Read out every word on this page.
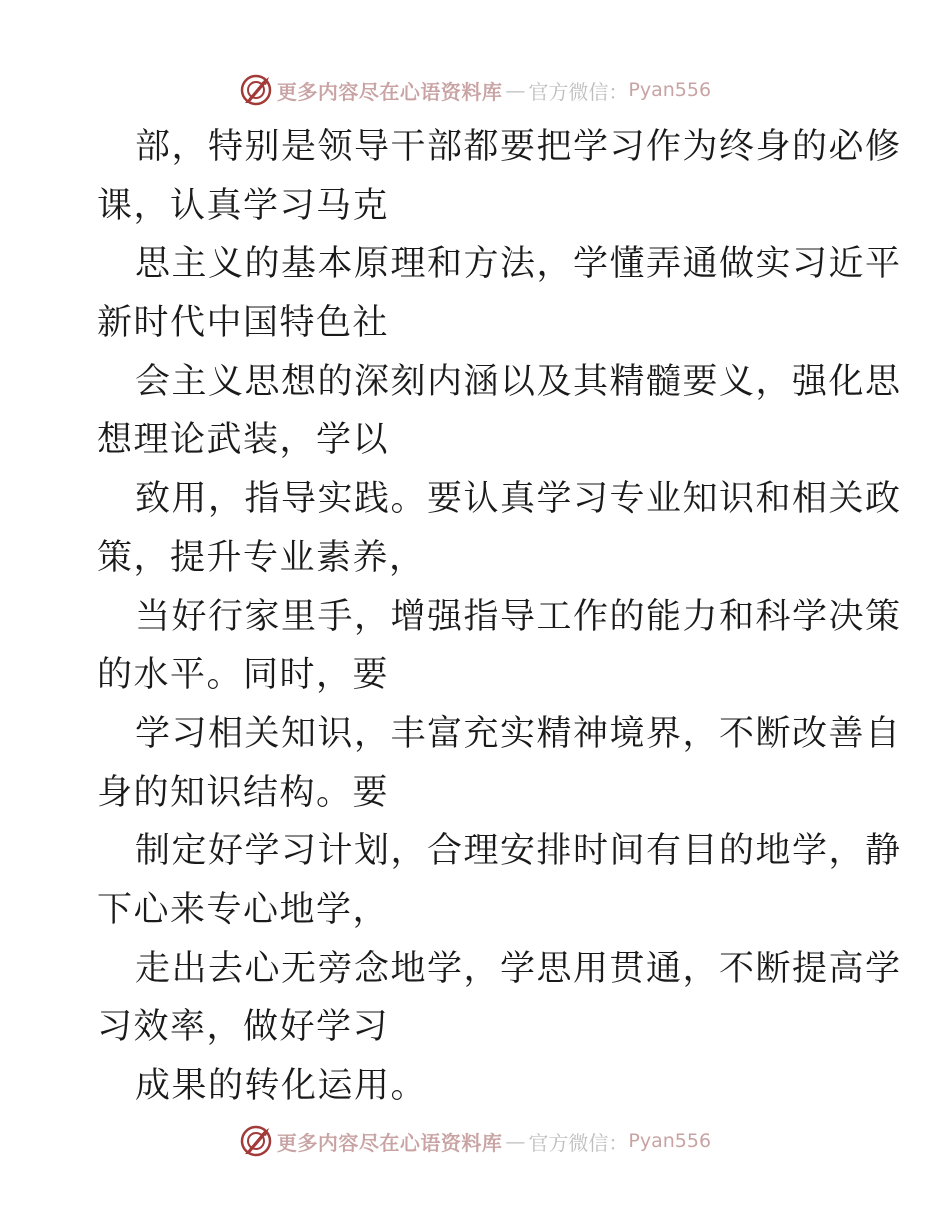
更多内容尽在心语资料库 — 官方微信： Pyan556
部，特别是领导干部都要把学习作为终身的必修
课，认真学习马克
思主义的基本原理和方法，学懂弄通做实习近平
新时代中国特色社
会主义思想的深刻内涵以及其精髓要义，强化思
想理论武装，学以
致用，指导实践。要认真学习专业知识和相关政
策，提升专业素养，
当好行家里手，增强指导工作的能力和科学决策
的水平。同时，要
学习相关知识，丰富充实精神境界，不断改善自
身的知识结构。要
制定好学习计划，合理安排时间有目的地学，静
下心来专心地学，
走出去心无旁念地学，学思用贯通，不断提高学
习效率，做好学习
成果的转化运用。
更多内容尽在心语资料库 — 官方微信： Pyan556
